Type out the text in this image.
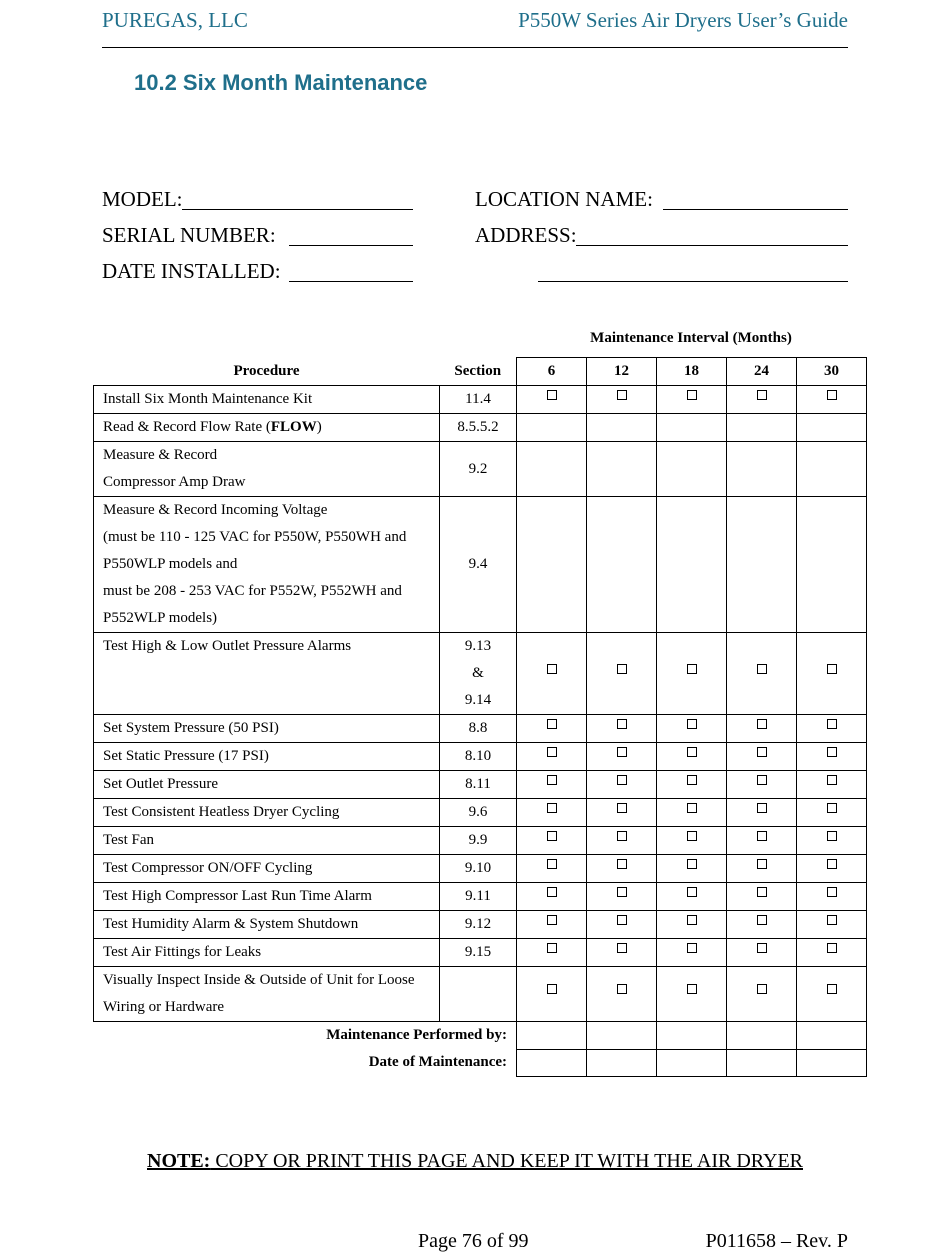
PUREGAS, LLC	P550W Series Air Dryers User’s Guide
10.2 Six Month Maintenance
MODEL:
SERIAL NUMBER:
DATE INSTALLED:
LOCATION NAME:
ADDRESS:
Maintenance Interval (Months)
Procedure	Section	6	12	18	24	30

Install Six Month Maintenance Kit	11.4					

Read & Record Flow Rate (FLOW)	8.5.5.2					

Measure & Record
Compressor Amp Draw	9.2					

Measure & Record Incoming Voltage
(must be 110 - 125 VAC for P550W, P550WH and
P550WLP models and
must be 208 - 253 VAC for P552W, P552WH and
P552WLP models)	9.4					

Test High & Low Outlet Pressure Alarms	9.13 & 9.14					

Set System Pressure (50 PSI)	8.8					

Set Static Pressure (17 PSI)	8.10					

Set Outlet Pressure	8.11					

Test Consistent Heatless Dryer Cycling	9.6					

Test Fan	9.9					

Test Compressor ON/OFF Cycling	9.10					

Test High Compressor Last Run Time Alarm	9.11					

Test Humidity Alarm & System Shutdown	9.12					

Test Air Fittings for Leaks	9.15					

Visually Inspect Inside & Outside of Unit for Loose
Wiring or Hardware

Maintenance Performed by:						
Date of Maintenance:						
NOTE: COPY OR PRINT THIS PAGE AND KEEP IT WITH THE AIR DRYER
Page 76 of 99	P011658 – Rev. P
